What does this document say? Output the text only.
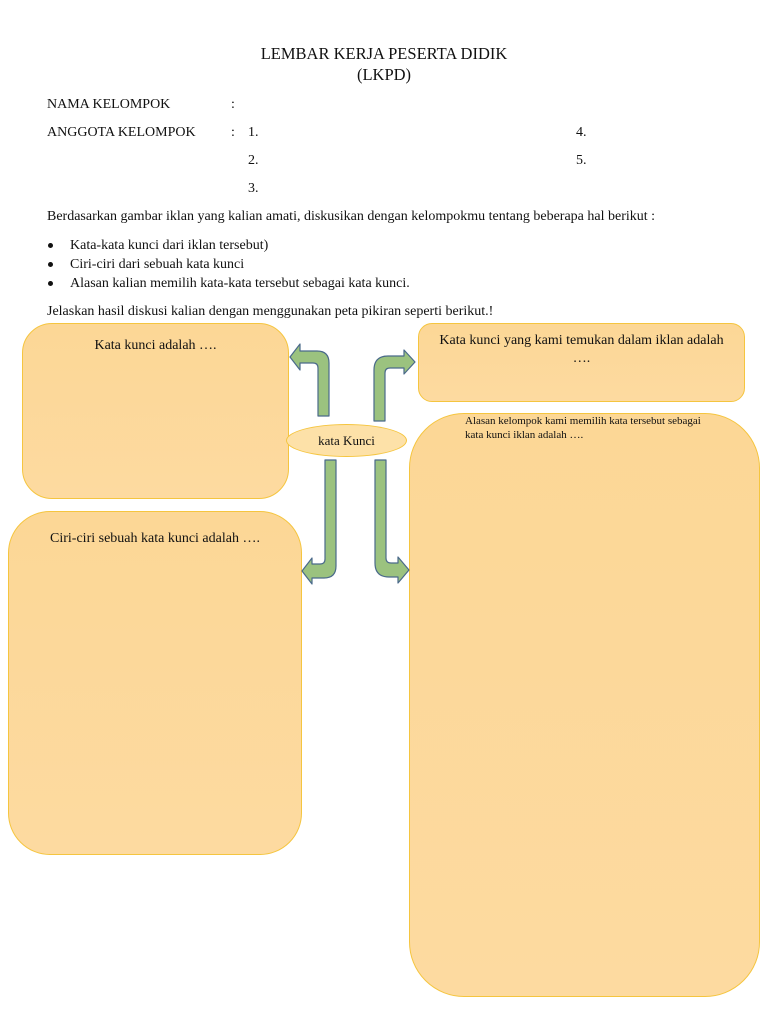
LEMBAR KERJA PESERTA DIDIK
(LKPD)
NAMA KELOMPOK	:
ANGGOTA KELOMPOK	: 1.
2.
3.
4.
5.
Berdasarkan gambar iklan yang kalian amati, diskusikan dengan kelompokmu tentang beberapa hal berikut :
Kata-kata kunci dari iklan tersebut)
Ciri-ciri dari sebuah kata kunci
Alasan kalian memilih kata-kata tersebut sebagai kata kunci.
Jelaskan hasil diskusi kalian dengan menggunakan peta pikiran seperti berikut.!
Kata kunci adalah ….	Kata kunci yang kami temukan dalam iklan adalah ….
Ciri-ciri sebuah kata kunci adalah ….
Alasan kelompok kami memilih kata tersebut sebagai kata kunci iklan adalah ….
kata Kunci
